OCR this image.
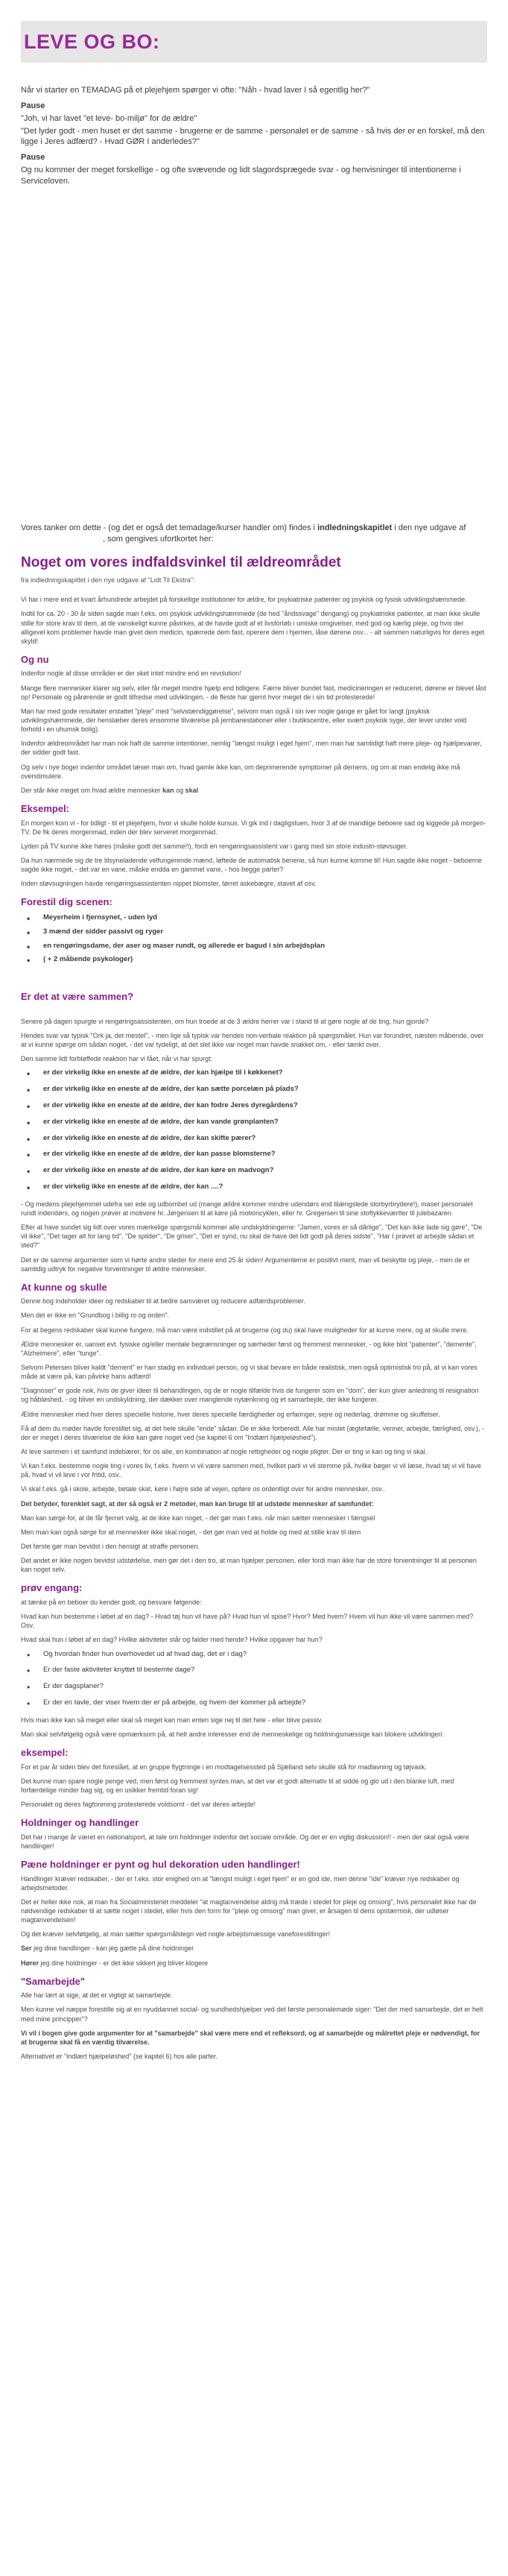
LEVE OG BO:

Når vi starter en TEMADAG på et plejehjem spørger vi ofte: "Nåh - hvad laver I så egentlig her?"

Pause

"Joh, vi har lavet "et leve- bo-miljø" for de ældre"

"Det lyder godt - men huset er det samme - brugerne er de samme - personalet er de samme - så hvis der er en forskel, må den ligge i Jeres adfærd? - Hvad GØR I anderledes?"

Pause

Og nu kommer der meget forskellige - og ofte svævende og lidt slagordsprægede svar - og henvisninger til intentionerne i Serviceloven.

Vores tanker om dette - (og det er også det temadage/kurser handler om) findes i indledningskapitlet i den nye udgave af, som gengives ufortkortet her:

Noget om vores indfaldsvinkel til ældreområdet

fra indledningskapitlet i den nye udgave af "Lidt Til Ekstra":

Vi har i mere end et kvart århundrede arbejdet på forskellige institutioner for ældre, for psykiatriske patienter og psykisk og fysisk udviklingshæmmede.

Indtil for ca. 20 - 30 år siden sagde man f.eks. om psykisk udviklingshæmmede (de hed "åndssvage" dengang) og psykiatriske patienter, at man ikke skulle stille for store krav til dem, at de vanskeligt kunne påvirkes, at de havde godt af et livsforløb i umiske omgivelser, med god og kærlig pleje, og hvis der alligevel kom problemer havde man givet dem medicin, spærrede dem fast, operere dem i hjernen, låse dørene osv... - alt sammen naturligvis for deres eget skyld!

Og nu

Indenfor nogle af disse områder er der sket intet mindre end en revolution!

Mange flere mennesker klarer sig selv, eller får meget mindre hjælp end tidligere. Færre bliver bundet fast, medicineringen er reduceret, dørene er blevet låst op! Personale og pårørende er godt tilfredse med udviklingen, - de fleste har gjernt hvor meget de i sin tid protesterede!

Man har med gode resultater erstattet "pleje" med "selvstændiggørelse", selvom man også i sin iver nogle gange er gået for langt (psykisk udviklingshæmmede, der henslæber deres ensomme tilværelse på jernbanestationer eller i butikscentre, eller svært psykisk syge, der lever under vold forhold i en uhumsk bolig).

Indenfor ældreområdet har man nok haft de samme intentioner, nemlig "længst muligt i eget hjem", men man har samtidigt haft mere pleje- og hjælpevaner, der sidder godt fast.

Og selv i nye boger indenfor området læser man om, hvad gamle ikke kan, om deprimerende symptomer på demens, og om at man endelig ikke må overstimulere.

Der står ikke meget om hvad ældre mennesker kan og skal

Eksempel:

En morgen kom vi - for tidligt - til et plejehjem, hvor vi skulle holde kursus. Vi gik ind i dagligstuen, hvor 3 af de mandlige beboere sad og kiggede på morgen-TV. De fik deres morgenmad, inden der blev serveret morgenmad.

Lyden på TV kunne ikke høres (måske godt det samme!!), fordi en rengøringsassistent var i gang med sin store industri-støvsuger.

Da hun nærmede sig de tre tilsyneladende velfungerende mænd, løftede de automatisk benene, så hun kunne komme til! Hun sagde ikke noget - beboerne sagde ikke noget, - det var en vane, måske endda en gammel vane, - hos begge parter?

Inden støvsugningen havde rengøringsassistenten nippet blomster, tørret askebægre, stavet af osv.

Forestil dig scenen:
• Meyerheim i fjernsynet, - uden lyd
• 3 mænd der sidder passivt og ryger
• en rengøringsdame, der aser og maser rundt, og allerede er bagud i sin arbejdsplan
• ( + 2 måbende psykologer)
Er det at være sammen?

Senere på dagen spurgte vi rengøringsassistenten, om hun troede at de 3 ældre herrer var i stand til at gøre nogle af de ting, hun gjorde?

Hendes svar var typisk "Ork ja, det mestel", - men lige så typisk var hendes non-verbale reaktion på spørgsmålet. Hun var forundret, næsten måbende, over at vi kunne spørge om sådan noget, - det var tydeligt, at det slet ikke var noget man havde snakket om, - eller tænkt over.

Den samme lidt forbløffede reaktion har vi fået, når vi har spurgt:

• er der virkelig ikke en eneste af de ældre, der kan hjælpe til i køkkenet?
• er der virkelig ikke en eneste af de ældre, der kan sætte porcelæn på plads?
• er der virkelig ikke en eneste af de ældre, der kan fodre Jeres dyregårdens?
• er der virkelig ikke en eneste af de ældre, der kan vande grønplanten?
• er der virkelig ikke en eneste af de ældre, der kan skifte pærer?
• er der virkelig ikke en eneste af de ældre, der kan passe blomsterne?
• er der virkelig ikke en eneste af de ældre, der kan køre en madvogn?
• er der virkelig ikke en eneste af de ældre, der kan ....?

- Og medens plejehjemmet udefra ser ede og udbombet ud (mange ældre kommer mindre udendørs end tilængslede storbyrbrydere!), maser personalet rundt indendørs, og nogen prøver at motivere hr. Jørgensen til at køre på motioncyklen, eller hr. Gregersen til sine stoftykkeværtter til julebazaren.

Efter at have sundet sig lidt over vores mærkelige spørgsmål kommer alle undskyldningerne: "Jamen, vores er så dårlige", "Det kan ikke lade sig gøre", "De vil ikke", "Det tager alt for lang tid", "De spilder", "De griser", "Det er synd, nu skal de have det lidt godt på deres sidste", "Har I prøvet at arbejde sådan et sted?"

Det er de samme argumenter som vi hørte andre steder for mere end 25 år siden! Argumenterne er positivt ment, man vil beskytte og pleje, - men de er samtidig udtryk for negative forventninger til ældre mennesker.

At kunne og skulle

Denne bog indeholder ideer og redskaber til at bedre samværet og reducere adfærdsproblemer.

Men det er ikke en "Grundbog i billig ro og orden".

For at begens redskaber skal kunne fungere, må man være indstillet på at brugerne (og du) skal have muligheder for at kunne mere, og at skulle mere.

Ældre mennesker er, uanset evt. fysiske og/eller mentale begrænsninger og særheder først og fremmest mennesker, - og ikke blot "patienter", "demente", "Alzheimere", eller "tunge".

Selvom Petersen bliver kaldt "dement" er han stadig en individuel person, og vi skal bevare en både realistisk, men også optimistisk tro på, at vi kan vores måde at være på, kan påvirke hans adfærd!

"Diagnoser" er gode nok, hvis de giver ideer til behandlingen, og de er nogle tilfælde hvis de fungerer som en "dom", der kun giver anledning til resignation og håbløshed, - og bliver en undskyldning, der dækker over manglende nytænkning og et samarbejde, der ikke fungerer.

Ældre mennesker med hver deres specielle historie, hver deres specielle færdigheder og erfaringer, sejre og nederlag, drømme og skuffelser.

Få af dem du møder havde forestillet sig, at det hele skulle "ende" sådan. De er ikke forberedt. Alle har mistet (ægtefælle, venner, arbejde, færlighed, osv.), - der er meget i deres tilværelse de ikke kan gøre noget ved (se kapitel 6 om "Indlært hjælpeløshed").

At leve sammen i et samfund indebærer, for os alle, en kombination af nogle rettigheder og nogle pligter. Der er ting vi kan og ting vi skal.

Vi kan f.eks. bestemme nogle ting i vores liv, f.eks. hvem vi vil være sammen med, hvilket parti vi vil stemme på, hvilke bøger vi vil læse, hvad tøj vi vil have på, hvad vi vil leve i vor fritid, osv..

Vi skal f.eks. gå i skole, arbejde, betale skat, køre i højre side af vejen, opføre os ordentligt over for andre mennesker, osv..

Det betyder, forenklet sagt, at der så også er 2 metoder, man kan bruge til at udstøde mennesker af samfundet:

Man kan sørge for, at de får fjernet valg, at de ikke kan noget, - det gør man f.eks. når man sætter mennesker i fængsel

Men man kan også sørge for at mennesker ikke skal noget, - det gør man ved at holde og med at stille krav til dem

Det første gør man bevidst i den hensigt at straffe personen.

Det andet er ikke nogen bevidst udstødelse, men gør det i den tro, at man hjælper personen, eller fordi man ikke har de store forventninger til at personen kan noget selv.

prøv engang:

at tænke på en beboer du kender godt, og besvare følgende:

Hvad kan hun bestemme i løbet af en dag? - Hvad tøj hun vil have på? Hvad hun vil spise? Hvor? Med hvem? Hvem vil hun ikke vil være sammen med? Osv.

Hvad skal hun i løbet af en dag? Hvilke aktiviteter står og falder med hende? Hvilke opgaver har hun?

• Og hvordan finder hun overhovedet ud af hvad dag, det er i dag?
• Er der faste aktiviteter knyttet til bestemte dage?
• Er der dagsplaner?
• Er der en tavle, der viser hvem der er på arbejde, og hvem der kommer på arbejde?

Hvis man ikke kan så meget eller skal så meget kan man enten sige nej til det hele - eller blive passiv.

Man skal selvfølgelig også være opmærksom på, at helt andre interesser end de menneskelige og holdningsmæssige kan blokere udviklingen:

eksempel:

For et par år siden blev det foreslået, at en gruppe flygtninge i en modtagelsessted på Sjælland selv skulle stå for madlavning og tøjvask.

Det kunne man spare nogle penge ved, men først og fremmest syntes man, at det var et godt alternativ til at sidde og glo ud i den blanke luft, med forfærdelige minder bag sig, og en usikker fremtid foran sig!

Personalet og deres fagforening protesterede voldsomt - det var deres arbejde!

Holdninger og handlinger

Det har i mange år været en nationalsport, at tale om holdninger indenfor det sociale område. Og det er en vigtig diskussion!! - men der skal også være handlinger!

Pæne holdninger er pynt og hul dekoration uden handlinger!

Handlinger kræver redskaber, - der er f.eks. stor enighed om at "længst muligt i eget hjem" er en god ide, men denne "ide" kræver nye redskaber og arbejdsmetoder.

Det er heller ikke nok, at man fra Socialministeriet meddeler "at magtanvendelse aldrig må træde i stedet for pleje og omsorg", hvis personalet ikke har de nødvendige redskaber til at sætte noget i stedet, eller hvis den form for "pleje og omsorg" man giver, er årsagen til dens opstærmisk, der udløser magtanvendelsen!

Og det kræver selvfølgelig, at man sætter spørgsmålstegn ved nogle arbejdsmæssige vaneforestillinger!

Ser jeg dine handlinger - kan jeg gætte på dine holdninger

Hører jeg dine holdninger - er det ikke sikkert jeg bliver klogere

"Samarbejde"

Alle har lært at sige, at det er vigtigt at samarbejde.

Men kunne vel næppe forestille sig at en nyuddannet social- og sundhedshjælper ved det første personalemøde siger: "Det der med samarbejde, det er helt med mine principper"?

Vi vil i bogen give gode argumenter for at "samarbejde" skal være mere end et refleksord, og at samarbejde og målrettet pleje er nødvendigt, for at brugerne skal få en værdig tilværelse.

Alternativet er "indlært hjælpeløshed" (se kapitel 6) hos alle parter.
